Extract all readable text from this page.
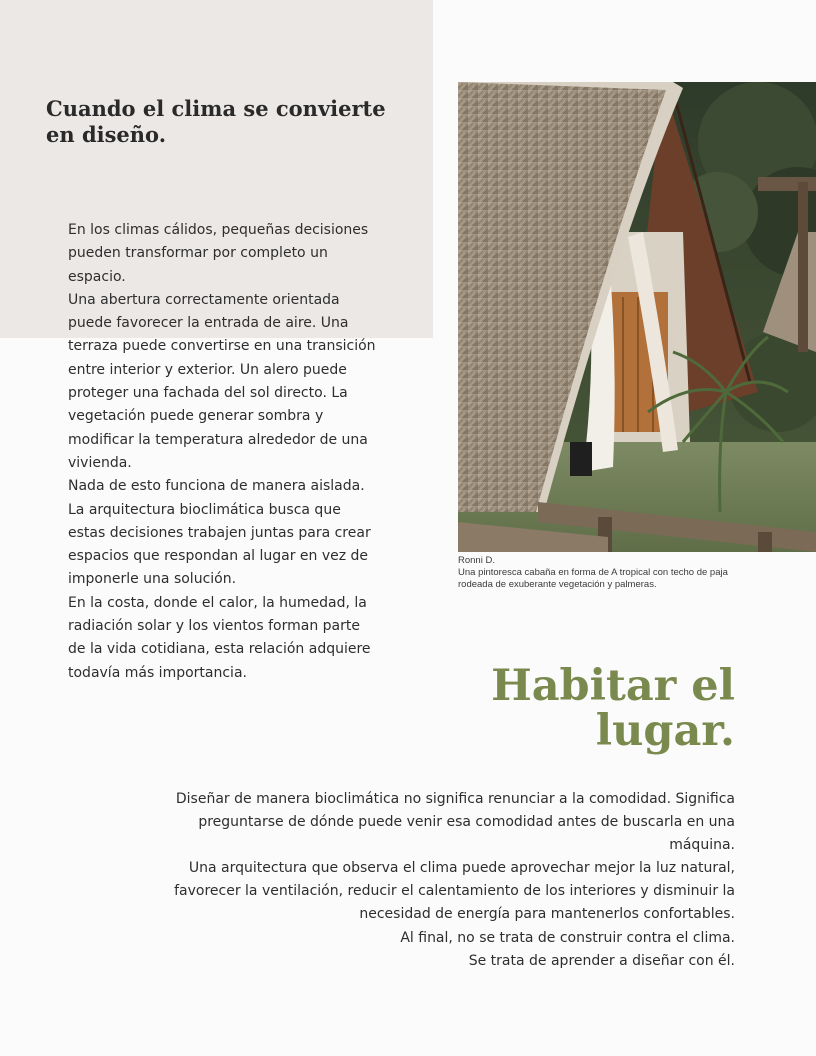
Cuando el clima se convierte en diseño.

En los climas cálidos, pequeñas decisiones pueden transformar por completo un espacio.

Una abertura correctamente orientada puede favorecer la entrada de aire. Una terraza puede convertirse en una transición entre interior y exterior. Un alero puede proteger una fachada del sol directo. La vegetación puede generar sombra y modificar la temperatura alrededor de una vivienda.

Nada de esto funciona de manera aislada. La arquitectura bioclimática busca que estas decisiones trabajen juntas para crear espacios que respondan al lugar en vez de imponerle una solución.

En la costa, donde el calor, la humedad, la radiación solar y los vientos forman parte de la vida cotidiana, esta relación adquiere todavía más importancia.

Ronni D.
Una pintoresca cabaña en forma de A tropical con techo de paja
rodeada de exuberante vegetación y palmeras.
Habitar el lugar.

Diseñar de manera bioclimática no significa renunciar a la comodidad. Significa preguntarse de dónde puede venir esa comodidad antes de buscarla en una máquina.

Una arquitectura que observa el clima puede aprovechar mejor la luz natural, favorecer la ventilación, reducir el calentamiento de los interiores y disminuir la necesidad de energía para mantenerlos confortables.

Al final, no se trata de construir contra el clima.

Se trata de aprender a diseñar con él.
